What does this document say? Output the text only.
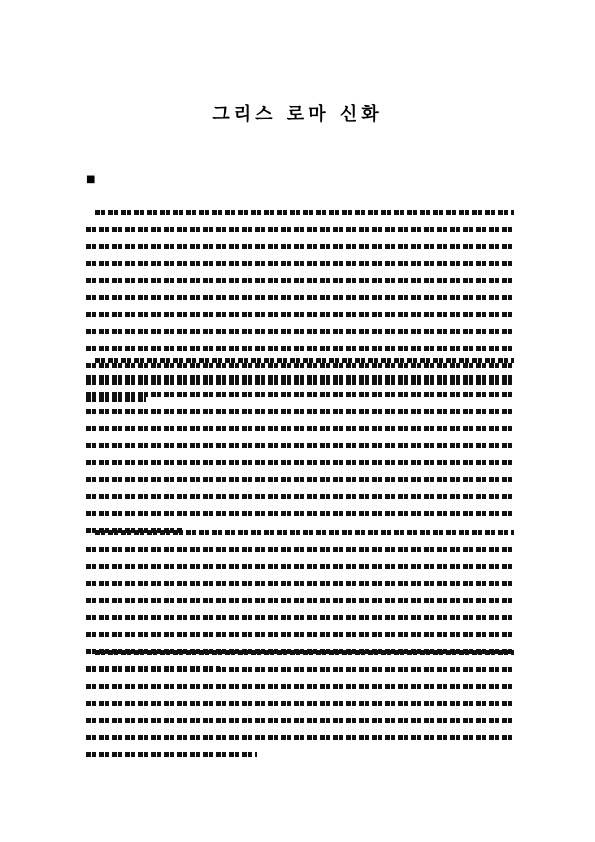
그리스 로마 신화
■
